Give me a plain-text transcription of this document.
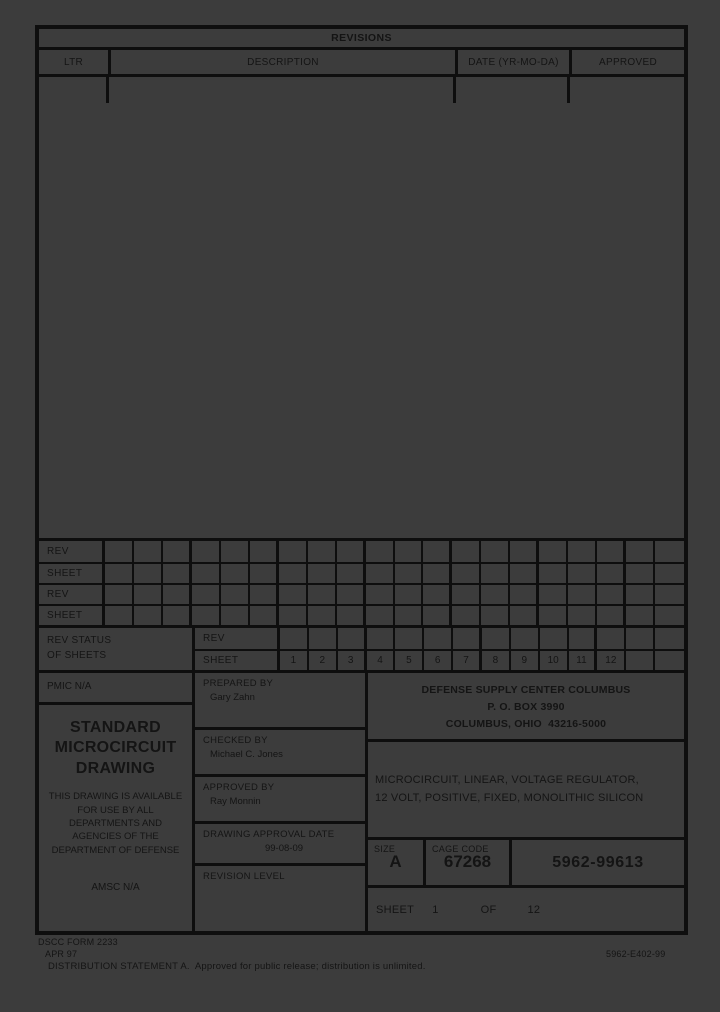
REVISIONS
LTR	DESCRIPTION	DATE (YR-MO-DA)	APPROVED
REV
SHEET
REV
SHEET
REV STATUS
OF SHEETS
REV
SHEET	1	2	3	4	5	6	7	8	9	10	11	12
PMIC N/A
STANDARD MICROCIRCUIT DRAWING
THIS DRAWING IS AVAILABLE FOR USE BY ALL DEPARTMENTS AND AGENCIES OF THE DEPARTMENT OF DEFENSE
AMSC N/A
PREPARED BY
Gary Zahn
CHECKED BY
Michael C. Jones
APPROVED BY
Ray Monnin
DRAWING APPROVAL DATE
99-08-09
REVISION LEVEL
DEFENSE SUPPLY CENTER COLUMBUS
P. O. BOX 3990
COLUMBUS, OHIO  43216-5000
MICROCIRCUIT, LINEAR, VOLTAGE REGULATOR,
12 VOLT, POSITIVE, FIXED, MONOLITHIC SILICON
SIZE
A
CAGE CODE
67268	5962-99613
SHEET 1	OF	12
DSCC FORM 2233
APR 97
DISTRIBUTION STATEMENT A.  Approved for public release; distribution is unlimited.
5962-E402-99
